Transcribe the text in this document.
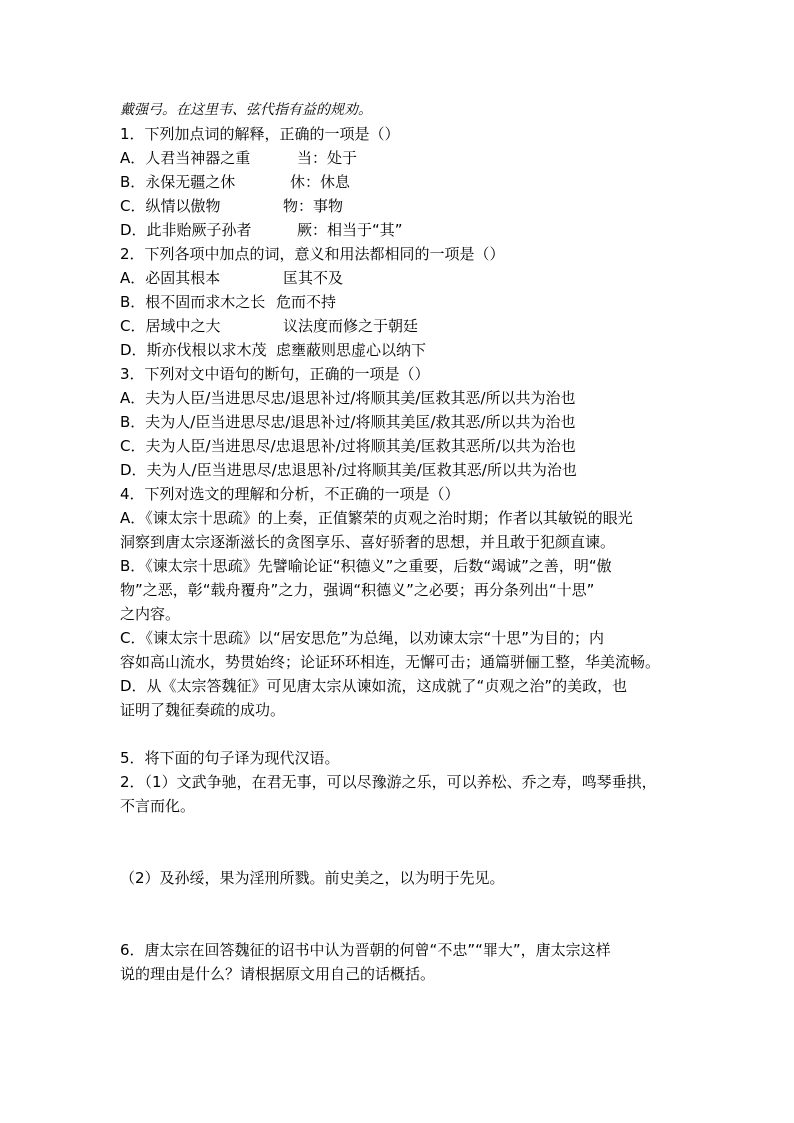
戴强弓。在这里韦、弦代指有益的规劝。
1．下列加点词的解释，正确的一项是（）
A．人君当神器之重	当：处于
B．永保无疆之休	休：休息
C．纵情以傲物	物：事物
D．此非贻厥子孙者	厥：相当于“其”
2．下列各项中加点的词，意义和用法都相同的一项是（）
A．必固其根本	匡其不及
B．根不固而求木之长 危而不持
C．居域中之大	议法度而修之于朝廷
D．斯亦伐根以求木茂 虑壅蔽则思虚心以纳下
3．下列对文中语句的断句，正确的一项是（）
A．夫为人臣/当进思尽忠/退思补过/将顺其美/匡救其恶/所以共为治也
B．夫为人/臣当进思尽忠/退思补过/将顺其美匡/救其恶/所以共为治也
C．夫为人臣/当进思尽/忠退思补/过将顺其美/匡救其恶所/以共为治也
D．夫为人/臣当进思尽/忠退思补/过将顺其美/匡救其恶/所以共为治也
4．下列对选文的理解和分析，不正确的一项是（）
A．《谏太宗十思疏》的上奏，正值繁荣的贞观之治时期；作者以其敏锐的眼光
洞察到唐太宗逐渐滋长的贪图享乐、喜好骄奢的思想，并且敢于犯颜直谏。
B．《谏太宗十思疏》先譬喻论证“积德义”之重要，后数“竭诚”之善，明“傲
物”之恶，彰“载舟覆舟”之力，强调“积德义”之必要；再分条列出“十思”
之内容。
C．《谏太宗十思疏》以“居安思危”为总绳，以劝谏太宗“十思”为目的；内
容如高山流水，势贯始终；论证环环相连，无懈可击；通篇骈俪工整，华美流畅。
D．从《太宗答魏征》可见唐太宗从谏如流，这成就了“贞观之治”的美政，也
证明了魏征奏疏的成功。
5．将下面的句子译为现代汉语。
2．（1）文武争驰，在君无事，可以尽豫游之乐，可以养松、乔之寿，鸣琴垂拱，
不言而化。
（2）及孙绥，果为淫刑所戮。前史美之，以为明于先见。
6．唐太宗在回答魏征的诏书中认为晋朝的何曾“不忠”“罪大”，唐太宗这样
说的理由是什么？请根据原文用自己的话概括。
